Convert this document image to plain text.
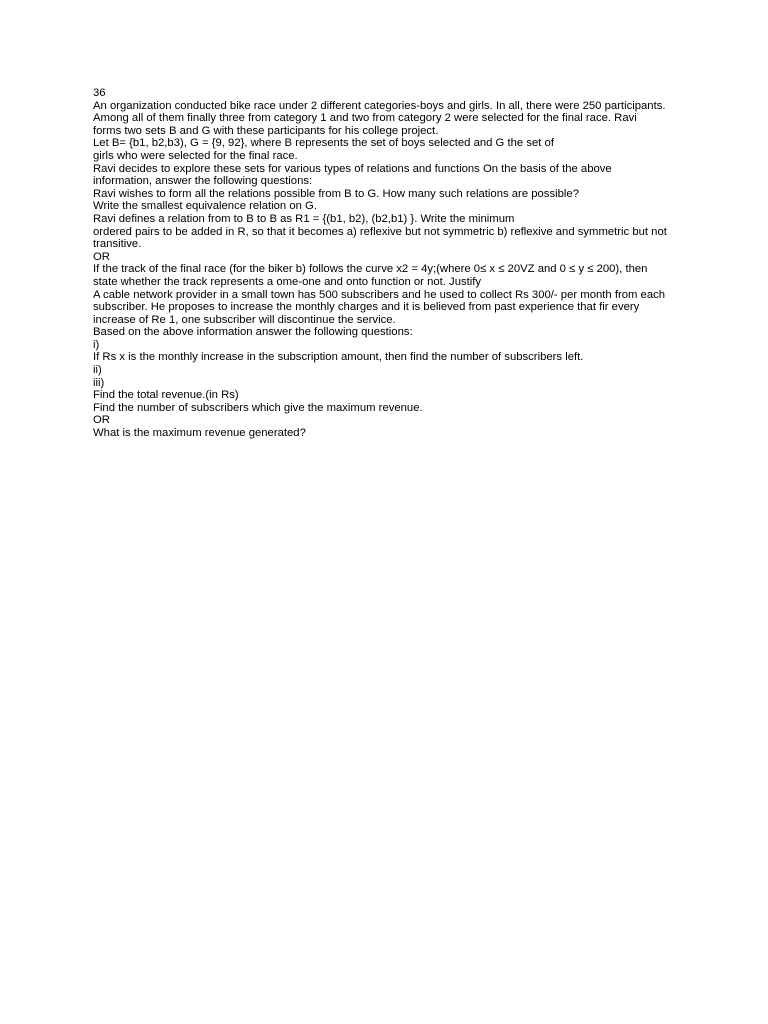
36

An organization conducted bike race under 2 different categories-boys and girls. In all, there were 250 participants. Among all of them finally three from category 1 and two from category 2 were selected for the final race. Ravi forms two sets B and G with these participants for his college project.

Let B= {b1, b2,b3), G = {9, 92}, where B represents the set of boys selected and G the set of

girls who were selected for the final race.

Ravi decides to explore these sets for various types of relations and functions On the basis of the above information, answer the following questions:

Ravi wishes to form all the relations possible from B to G. How many such relations are possible?

Write the smallest equivalence relation on G.

Ravi defines a relation from to B to B as R1 = {(b1, b2), (b2,b1) }. Write the minimum

ordered pairs to be added in R, so that it becomes a) reflexive but not symmetric b) reflexive and symmetric but not transitive.

OR

If the track of the final race (for the biker b) follows the curve x2 = 4y;(where 0≤ x ≤ 20VZ and 0 ≤ y ≤ 200), then state whether the track represents a ome-one and onto function or not. Justify

A cable network provider in a small town has 500 subscribers and he used to collect Rs 300/- per month from each subscriber. He proposes to increase the monthly charges and it is believed from past experience that fir every increase of Re 1, one subscriber will discontinue the service.

Based on the above information answer the following questions:

i)

If Rs x is the monthly increase in the subscription amount, then find the number of subscribers left.

ii)

iii)

Find the total revenue.(in Rs)

Find the number of subscribers which give the maximum revenue.

OR

What is the maximum revenue generated?
